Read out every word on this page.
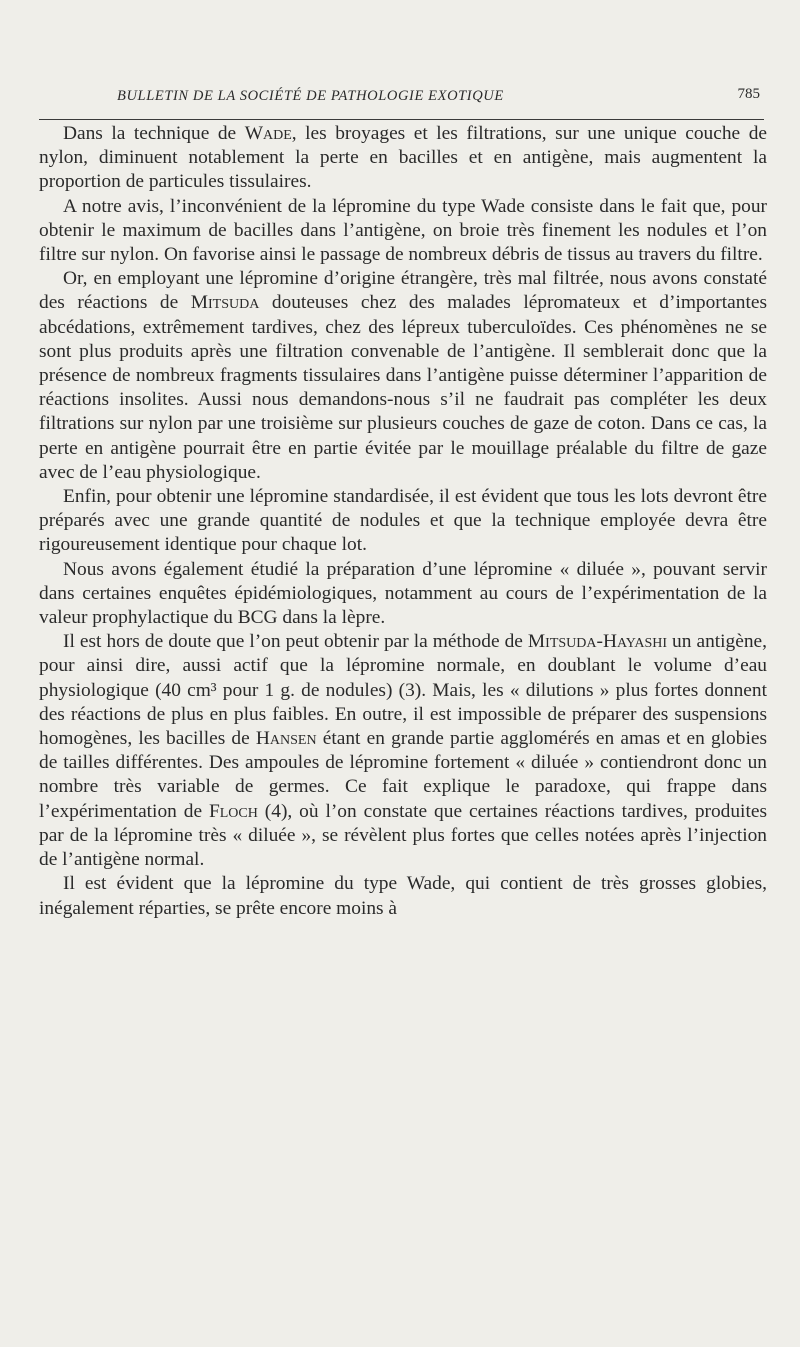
BULLETIN DE LA SOCIÉTÉ DE PATHOLOGIE EXOTIQUE	785

Dans la technique de Wade, les broyages et les filtrations, sur une unique couche de nylon, diminuent notablement la perte en bacilles et en antigène, mais augmentent la proportion de particules tissulaires.

A notre avis, l’inconvénient de la lépromine du type Wade consiste dans le fait que, pour obtenir le maximum de bacilles dans l’antigène, on broie très finement les nodules et l’on filtre sur nylon. On favorise ainsi le passage de nombreux débris de tissus au travers du filtre.

Or, en employant une lépromine d’origine étrangère, très mal filtrée, nous avons constaté des réactions de Mitsuda douteuses chez des malades lépromateux et d’importantes abcédations, extrêmement tardives, chez des lépreux tuberculoïdes. Ces phénomènes ne se sont plus produits après une filtration convenable de l’antigène. Il semblerait donc que la présence de nombreux fragments tissulaires dans l’antigène puisse déterminer l’apparition de réactions insolites. Aussi nous demandons-nous s’il ne faudrait pas compléter les deux filtrations sur nylon par une troisième sur plusieurs couches de gaze de coton. Dans ce cas, la perte en antigène pourrait être en partie évitée par le mouillage préalable du filtre de gaze avec de l’eau physiologique.

Enfin, pour obtenir une lépromine standardisée, il est évident que tous les lots devront être préparés avec une grande quantité de nodules et que la technique employée devra être rigoureusement identique pour chaque lot.

Nous avons également étudié la préparation d’une lépromine « diluée », pouvant servir dans certaines enquêtes épidémiologiques, notamment au cours de l’expérimentation de la valeur prophylactique du BCG dans la lèpre.

Il est hors de doute que l’on peut obtenir par la méthode de Mitsuda-Hayashi un antigène, pour ainsi dire, aussi actif que la lépromine normale, en doublant le volume d’eau physiologique (40 cm³ pour 1 g. de nodules) (3). Mais, les « dilutions » plus fortes donnent des réactions de plus en plus faibles. En outre, il est impossible de préparer des suspensions homogènes, les bacilles de Hansen étant en grande partie agglomérés en amas et en globies de tailles différentes. Des ampoules de lépromine fortement « diluée » contiendront donc un nombre très variable de germes. Ce fait explique le paradoxe, qui frappe dans l’expérimentation de Floch (4), où l’on constate que certaines réactions tardives, produites par de la lépromine très « diluée », se révèlent plus fortes que celles notées après l’injection de l’antigène normal.

Il est évident que la lépromine du type Wade, qui contient de très grosses globies, inégalement réparties, se prête encore moins à
